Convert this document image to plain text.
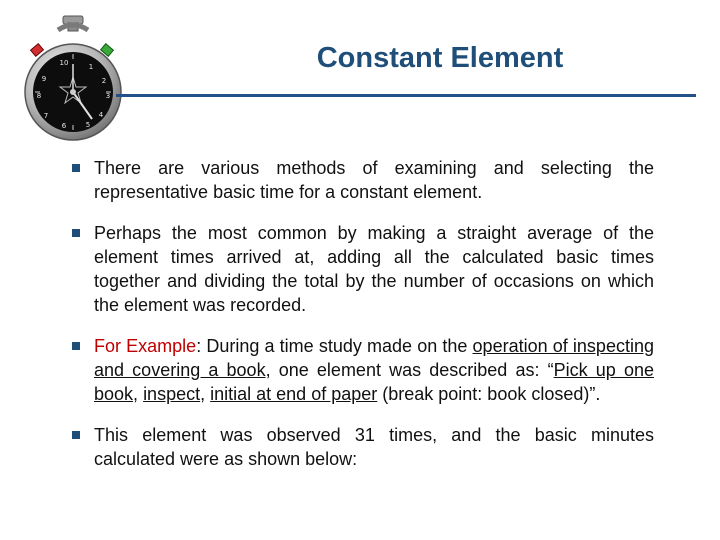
1
2
3
4
5
6
7
8
9
10	Constant Element

There are various methods of examining and selecting the representative basic time for a constant element.

Perhaps the most common by making a straight average of the element times arrived at, adding all the calculated basic times together and dividing the total by the number of occasions on which the element was recorded.

For Example: During a time study made on the operation of inspecting and covering a book, one element was described as: “Pick up one book, inspect, initial at end of paper (break point: book closed)”.

This element was observed 31 times, and the basic minutes calculated were as shown below:
